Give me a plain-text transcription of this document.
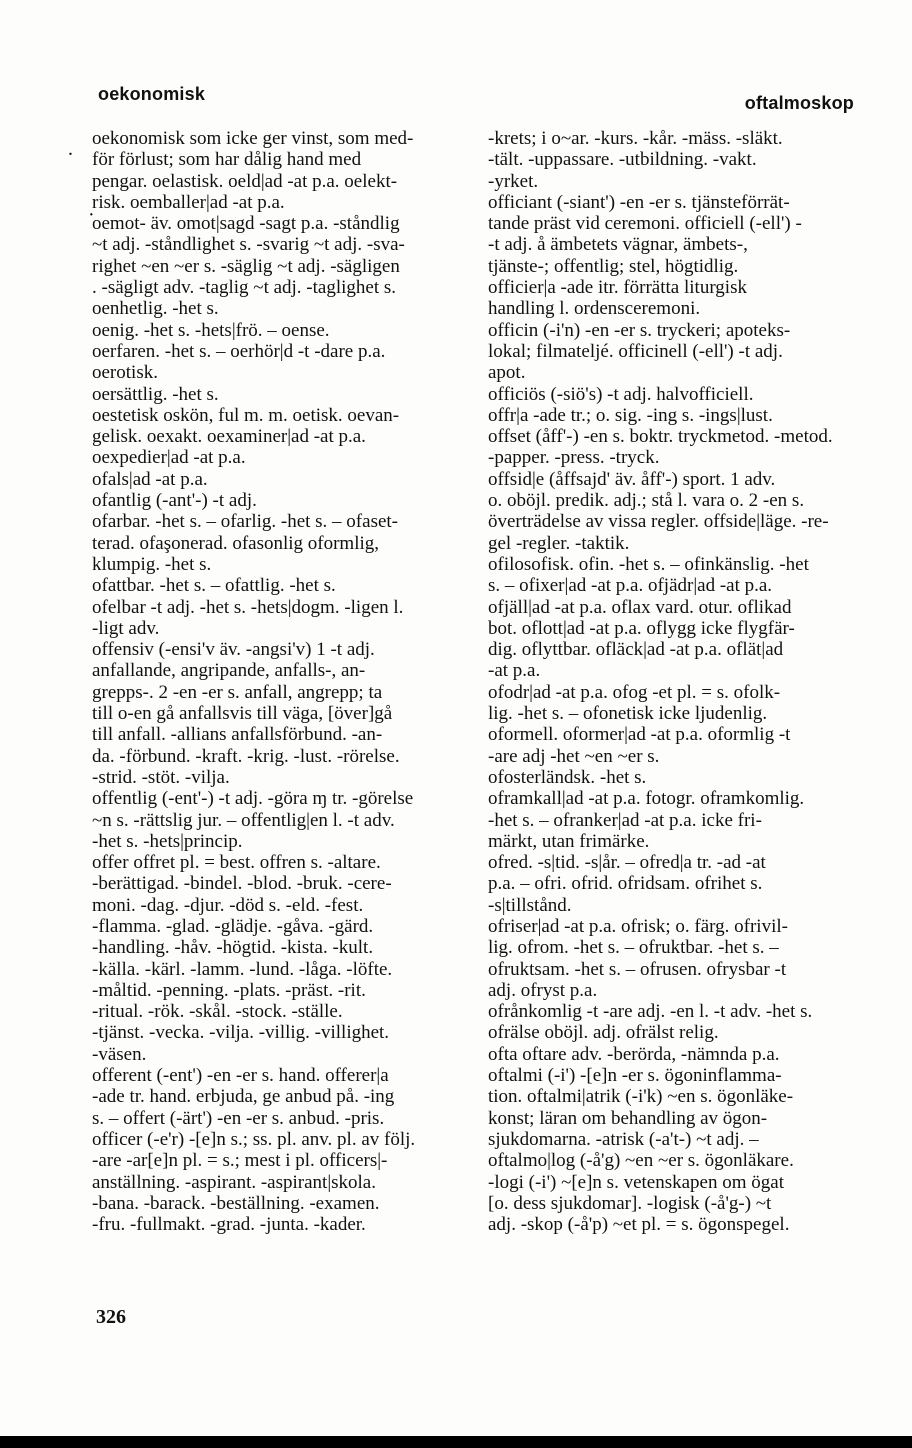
oekonomisk	oftalmoskop
.
·
oekonomisk som icke ger vinst, som med-
för förlust; som har dålig hand med
pengar. oelastisk. oeld|ad -at p.a. oelekt-
risk. oemballer|ad -at p.a.
oemot- äv. omot|sagd -sagt p.a. -ståndlig
~t adj. -ståndlighet s. -svarig ~t adj. -sva-
righet ~en ~er s. -säglig ~t adj. -sägligen
. -sägligt adv. -taglig ~t adj. -taglighet s.
oenhetlig. -het s.
oenig. -het s. -hets|frö. – oense.
oerfaren. -het s. – oerhör|d -t -dare p.a.
oerotisk.
oersättlig. -het s.
oestetisk oskön, ful m. m. oetisk. oevan-
gelisk. oexakt. oexaminer|ad -at p.a.
oexpedier|ad -at p.a.
ofals|ad -at p.a.
ofantlig (-ant'-) -t adj.
ofarbar. -het s. – ofarlig. -het s. – ofaset-
terad. ofaşonerad. ofasonlig oformlig,
klumpig. -het s.
ofattbar. -het s. – ofattlig. -het s.
ofelbar -t adj. -het s. -hets|dogm. -ligen l.
-ligt adv.
offensiv (-ensi'v äv. -angsi'v) 1 -t adj.
anfallande, angripande, anfalls-, an-
grepps-. 2 -en -er s. anfall, angrepp; ta
till o-en gå anfallsvis till väga, [över]gå
till anfall. -allians anfallsförbund. -an-
da. -förbund. -kraft. -krig. -lust. -rörelse.
-strid. -stöt. -vilja.
offentlig (-ent'-) -t adj. -göra ɱ tr. -görelse
~n s. -rättslig jur. – offentlig|en l. -t adv.
-het s. -hets|princip.
offer offret pl. = best. offren s. -altare.
-berättigad. -bindel. -blod. -bruk. -cere-
moni. -dag. -djur. -död s. -eld. -fest.
-flamma. -glad. -glädje. -gåva. -gärd.
-handling. -håv. -högtid. -kista. -kult.
-källa. -kärl. -lamm. -lund. -låga. -löfte.
-måltid. -penning. -plats. -präst. -rit.
-ritual. -rök. -skål. -stock. -ställe.
-tjänst. -vecka. -vilja. -villig. -villighet.
-väsen.
offerent (-ent') -en -er s. hand. offerer|a
-ade tr. hand. erbjuda, ge anbud på. -ing
s. – offert (-ärt') -en -er s. anbud. -pris.
officer (-e'r) -[e]n s.; ss. pl. anv. pl. av följ.
-are -ar[e]n pl. = s.; mest i pl. officers|-
anställning. -aspirant. -aspirant|skola.
-bana. -barack. -beställning. -examen.
-fru. -fullmakt. -grad. -junta. -kader.
-krets; i o~ar. -kurs. -kår. -mäss. -släkt.
-tält. -uppassare. -utbildning. -vakt.
-yrket.
officiant (-siant') -en -er s. tjänsteförrät-
tande präst vid ceremoni. officiell (-ell') -
-t adj. å ämbetets vägnar, ämbets-,
tjänste-; offentlig; stel, högtidlig.
officier|a -ade itr. förrätta liturgisk
handling l. ordensceremoni.
officin (-i'n) -en -er s. tryckeri; apoteks-
lokal; filmatelјé. officinell (-ell') -t adj.
apot.
officiös (-siö's) -t adj. halvofficiell.
offr|a -ade tr.; o. sig. -ing s. -ings|lust.
offset (åff'-) -en s. boktr. tryckmetod. -metod.
-papper. -press. -tryck.
offsid|e (åffsajd' äv. åff'-) sport. 1 adv.
o. oböjl. predik. adj.; stå l. vara o. 2 -en s.
överträdelse av vissa regler. offside|läge. -re-
gel -regler. -taktik.
ofilosofisk. ofin. -het s. – ofinkänslig. -het
s. – ofixer|ad -at p.a. ofjädr|ad -at p.a.
ofjäll|ad -at p.a. oflax vard. otur. oflikad
bot. oflott|ad -at p.a. oflygg icke flygfär-
dig. oflyttbar. ofläck|ad -at p.a. oflät|ad
-at p.a.
ofodr|ad -at p.a. ofog -et pl. = s. ofolk-
lig. -het s. – ofonetisk icke ljudenlig.
oformell. oformer|ad -at p.a. oformlig -t
-are adj -het ~en ~er s.
ofosterländsk. -het s.
oframkall|ad -at p.a. fotogr. oframkomlig.
-het s. – ofranker|ad -at p.a. icke fri-
märkt, utan frimärke.
ofred. -s|tid. -s|år. – ofred|a tr. -ad -at
p.a. – ofri. ofrid. ofridsam. ofrihet s.
-s|tillstånd.
ofriser|ad -at p.a. ofrisk; o. färg. ofrivil-
lig. ofrom. -het s. – ofruktbar. -het s. –
ofruktsam. -het s. – ofrusen. ofrysbar -t
adj. ofryst p.a.
ofrånkomlig -t -are adj. -en l. -t adv. -het s.
ofrälse oböjl. adj. ofrälst relig.
ofta oftare adv. -berörda, -nämnda p.a.
oftalmi (-i') -[e]n -er s. ögoninflamma-
tion. oftalmi|atrik (-i'k) ~en s. ögonläke-
konst; läran om behandling av ögon-
sjukdomarna. -atrisk (-a't-) ~t adj. –
oftalmo|log (-å'g) ~en ~er s. ögonläkare.
-logi (-i') ~[e]n s. vetenskapen om ögat
[o. dess sjukdomar]. -logisk (-å'g-) ~t
adj. -skop (-å'p) ~et pl. = s. ögonspegel.
326
